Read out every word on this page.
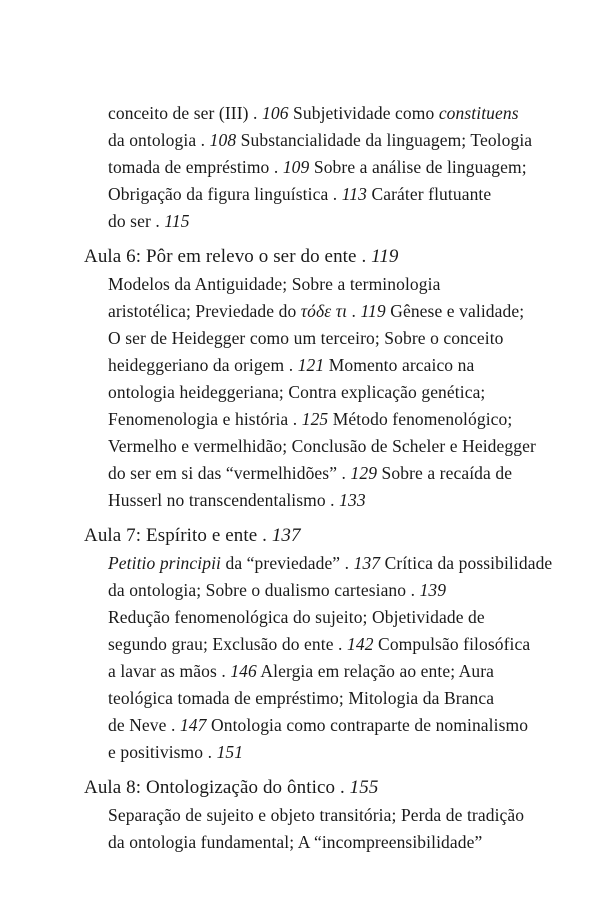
conceito de ser (III) . 106 Subjetividade como constituens
da ontologia . 108 Substancialidade da linguagem; Teologia
tomada de empréstimo . 109 Sobre a análise de linguagem;
Obrigação da figura linguística . 113 Caráter flutuante
do ser . 115
Aula 6: Pôr em relevo o ser do ente . 119
Modelos da Antiguidade; Sobre a terminologia
aristotélica; Previedade do τόδε τι . 119 Gênese e validade;
O ser de Heidegger como um terceiro; Sobre o conceito
heideggeriano da origem . 121 Momento arcaico na
ontologia heideggeriana; Contra explicação genética;
Fenomenologia e história . 125 Método fenomenológico;
Vermelho e vermelhidão; Conclusão de Scheler e Heidegger
do ser em si das “vermelhidões” . 129 Sobre a recaída de
Husserl no transcendentalismo . 133
Aula 7: Espírito e ente . 137
Petitio principii da “previedade” . 137 Crítica da possibilidade
da ontologia; Sobre o dualismo cartesiano . 139
Redução fenomenológica do sujeito; Objetividade de
segundo grau; Exclusão do ente . 142 Compulsão filosófica
a lavar as mãos . 146 Alergia em relação ao ente; Aura
teológica tomada de empréstimo; Mitologia da Branca
de Neve . 147 Ontologia como contraparte de nominalismo
e positivismo . 151
Aula 8: Ontologização do ôntico . 155
Separação de sujeito e objeto transitória; Perda de tradição
da ontologia fundamental; A “incompreensibilidade”
